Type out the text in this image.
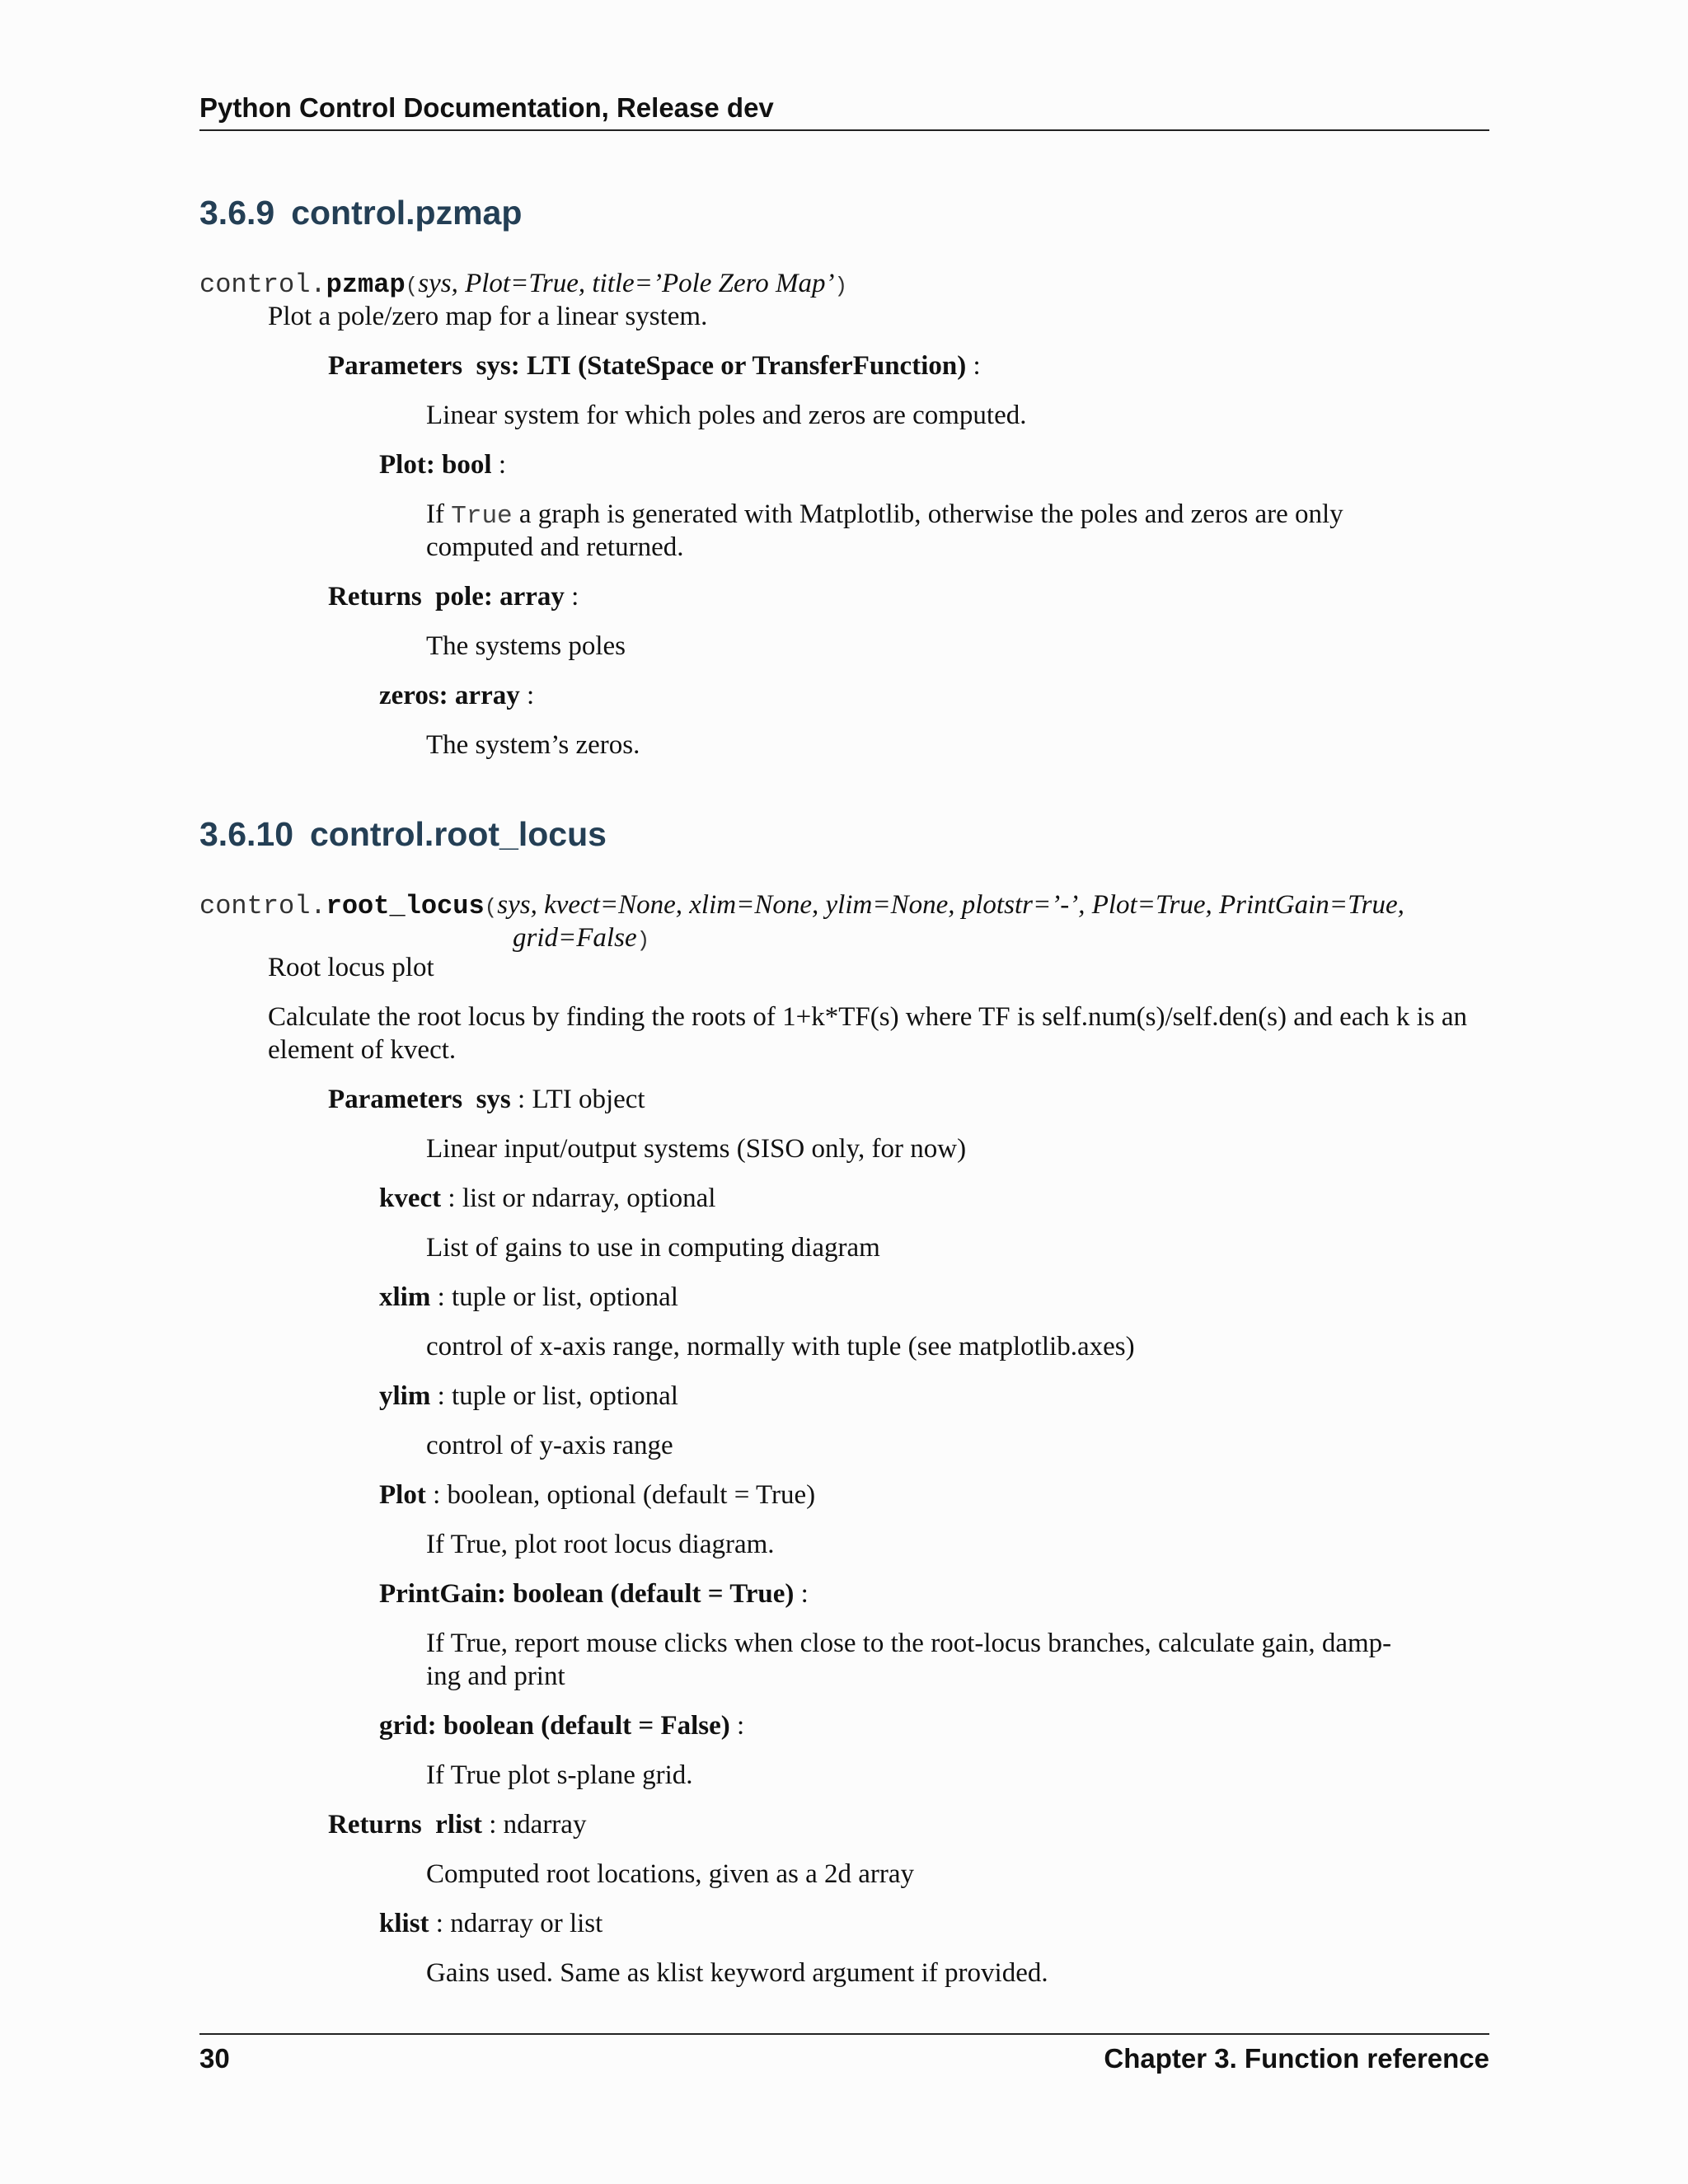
Python Control Documentation, Release dev
3.6.9 control.pzmap
control.pzmap(sys, Plot=True, title=’Pole Zero Map’)
Plot a pole/zero map for a linear system.
Parameters sys: LTI (StateSpace or TransferFunction) :
Linear system for which poles and zeros are computed.
Plot: bool :
If True a graph is generated with Matplotlib, otherwise the poles and zeros are only
computed and returned.
Returns pole: array :
The systems poles
zeros: array :
The system’s zeros.
3.6.10 control.root_locus
control.root_locus(sys, kvect=None, xlim=None, ylim=None, plotstr=’-’, Plot=True, PrintGain=True,
grid=False)
Root locus plot
Calculate the root locus by finding the roots of 1+k*TF(s) where TF is self.num(s)/self.den(s) and each k is an
element of kvect.
Parameters sys : LTI object
Linear input/output systems (SISO only, for now)
kvect : list or ndarray, optional
List of gains to use in computing diagram
xlim : tuple or list, optional
control of x-axis range, normally with tuple (see matplotlib.axes)
ylim : tuple or list, optional
control of y-axis range
Plot : boolean, optional (default = True)
If True, plot root locus diagram.
PrintGain: boolean (default = True) :
If True, report mouse clicks when close to the root-locus branches, calculate gain, damp-
ing and print
grid: boolean (default = False) :
If True plot s-plane grid.
Returns rlist : ndarray
Computed root locations, given as a 2d array
klist : ndarray or list
Gains used. Same as klist keyword argument if provided.
30	Chapter 3. Function reference
